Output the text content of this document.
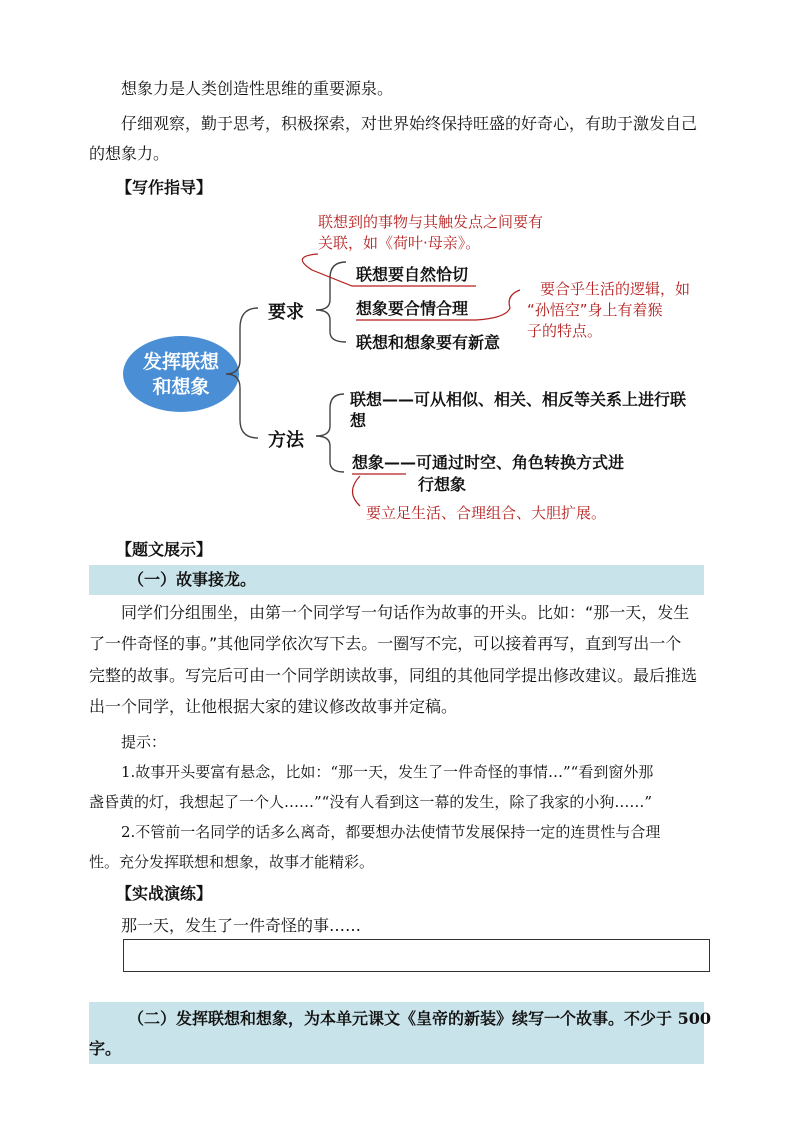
想象力是人类创造性思维的重要源泉。
仔细观察，勤于思考，积极探索，对世界始终保持旺盛的好奇心，有助于激发自己
的想象力。
【写作指导】
发挥联想
和想象
要求
方法
联想要自然恰切
想象要合情合理
联想和想象要有新意
联想——可从相似、相关、相反等关系上进行联
想
想象——可通过时空、角色转换方式进
行想象
联想到的事物与其触发点之间要有
关联，如《荷叶·母亲》。
要合乎生活的逻辑，如
“孙悟空”身上有着猴
子的特点。
要立足生活、合理组合、大胆扩展。
【题文展示】
（一）故事接龙。
同学们分组围坐，由第一个同学写一句话作为故事的开头。比如：“那一天，发生
了一件奇怪的事。”其他同学依次写下去。一圈写不完，可以接着再写，直到写出一个
完整的故事。写完后可由一个同学朗读故事，同组的其他同学提出修改建议。最后推选
出一个同学，让他根据大家的建议修改故事并定稿。
提示：
1.故事开头要富有悬念，比如：“那一天，发生了一件奇怪的事情…”“看到窗外那
盏昏黄的灯，我想起了一个人……”“没有人看到这一幕的发生，除了我家的小狗……”
2.不管前一名同学的话多么离奇，都要想办法使情节发展保持一定的连贯性与合理
性。充分发挥联想和想象，故事才能精彩。
【实战演练】
那一天，发生了一件奇怪的事……
（二）发挥联想和想象，为本单元课文《皇帝的新装》续写一个故事。不少于 500
字。
